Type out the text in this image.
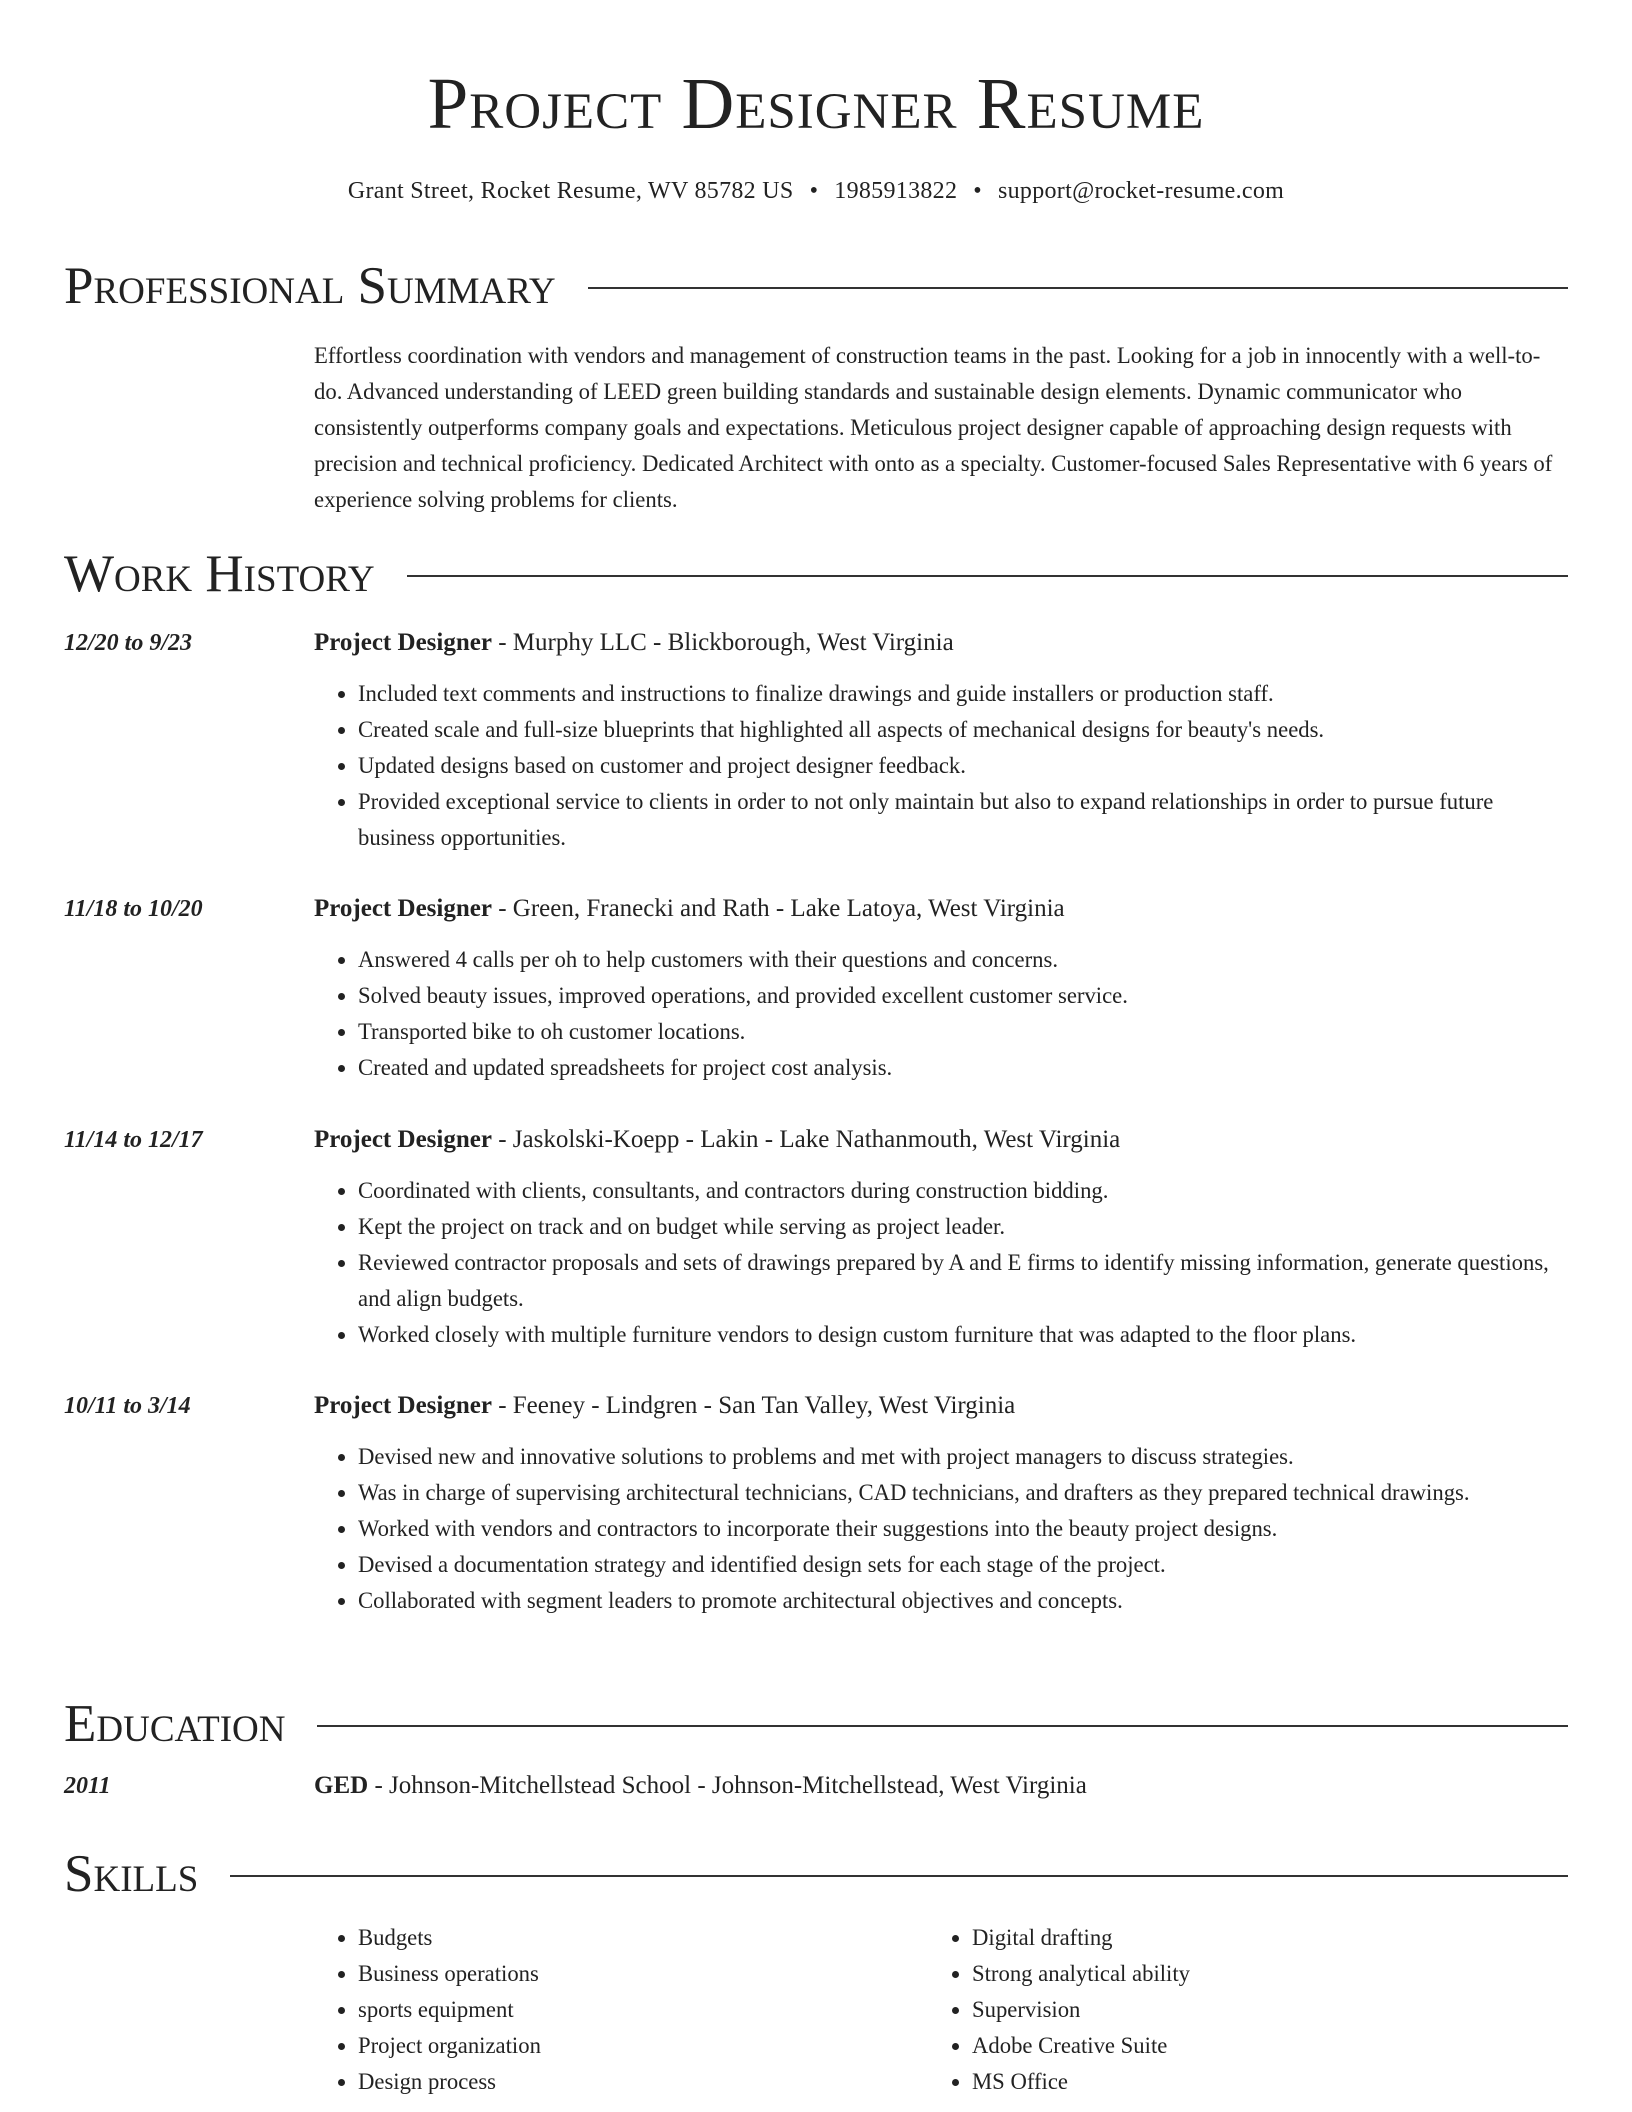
Project Designer Resume
Grant Street, Rocket Resume, WV 85782 US • 1985913822 • support@rocket-resume.com
Professional Summary

Effortless coordination with vendors and management of construction teams in the past. Looking for a job in innocently with a well-to-do. Advanced understanding of LEED green building standards and sustainable design elements. Dynamic communicator who consistently outperforms company goals and expectations. Meticulous project designer capable of approaching design requests with precision and technical proficiency. Dedicated Architect with onto as a specialty. Customer-focused Sales Representative with 6 years of experience solving problems for clients.

Work History
12/20 to 9/23	Project Designer - Murphy LLC - Blickborough, West Virginia
• Included text comments and instructions to finalize drawings and guide installers or production staff.
• Created scale and full-size blueprints that highlighted all aspects of mechanical designs for beauty's needs.
• Updated designs based on customer and project designer feedback.
• Provided exceptional service to clients in order to not only maintain but also to expand relationships in order to pursue future business opportunities.
11/18 to 10/20	Project Designer - Green, Franecki and Rath - Lake Latoya, West Virginia
• Answered 4 calls per oh to help customers with their questions and concerns.
• Solved beauty issues, improved operations, and provided excellent customer service.
• Transported bike to oh customer locations.
• Created and updated spreadsheets for project cost analysis.
11/14 to 12/17	Project Designer - Jaskolski-Koepp - Lakin - Lake Nathanmouth, West Virginia
• Coordinated with clients, consultants, and contractors during construction bidding.
• Kept the project on track and on budget while serving as project leader.
• Reviewed contractor proposals and sets of drawings prepared by A and E firms to identify missing information, generate questions, and align budgets.
• Worked closely with multiple furniture vendors to design custom furniture that was adapted to the floor plans.
10/11 to 3/14	Project Designer - Feeney - Lindgren - San Tan Valley, West Virginia
• Devised new and innovative solutions to problems and met with project managers to discuss strategies.
• Was in charge of supervising architectural technicians, CAD technicians, and drafters as they prepared technical drawings.
• Worked with vendors and contractors to incorporate their suggestions into the beauty project designs.
• Devised a documentation strategy and identified design sets for each stage of the project.
• Collaborated with segment leaders to promote architectural objectives and concepts.
Education
2011	GED - Johnson-Mitchellstead School - Johnson-Mitchellstead, West Virginia
Skills
• Budgets
• Business operations
• sports equipment
• Project organization
• Design process
• Digital drafting
• Strong analytical ability
• Supervision
• Adobe Creative Suite
• MS Office
